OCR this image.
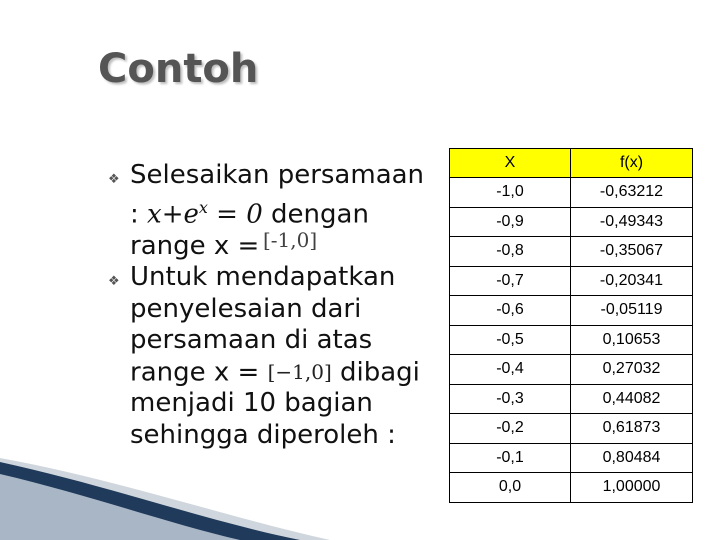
Contoh
❖ Selesaikan persamaan : $x+e^x = 0$ dengan range x =
❖ Untuk mendapatkan penyelesaian dari persamaan di atas range x = [−1,0] dibagi menjadi 10 bagian sehingga diperoleh :
[-1,0]
X	f(x)
-1,0	-0,63212
-0,9	-0,49343
-0,8	-0,35067
-0,7	-0,20341
-0,6	-0,05119
-0,5	0,10653
-0,4	0,27032
-0,3	0,44082
-0,2	0,61873
-0,1	0,80484
0,0	1,00000
